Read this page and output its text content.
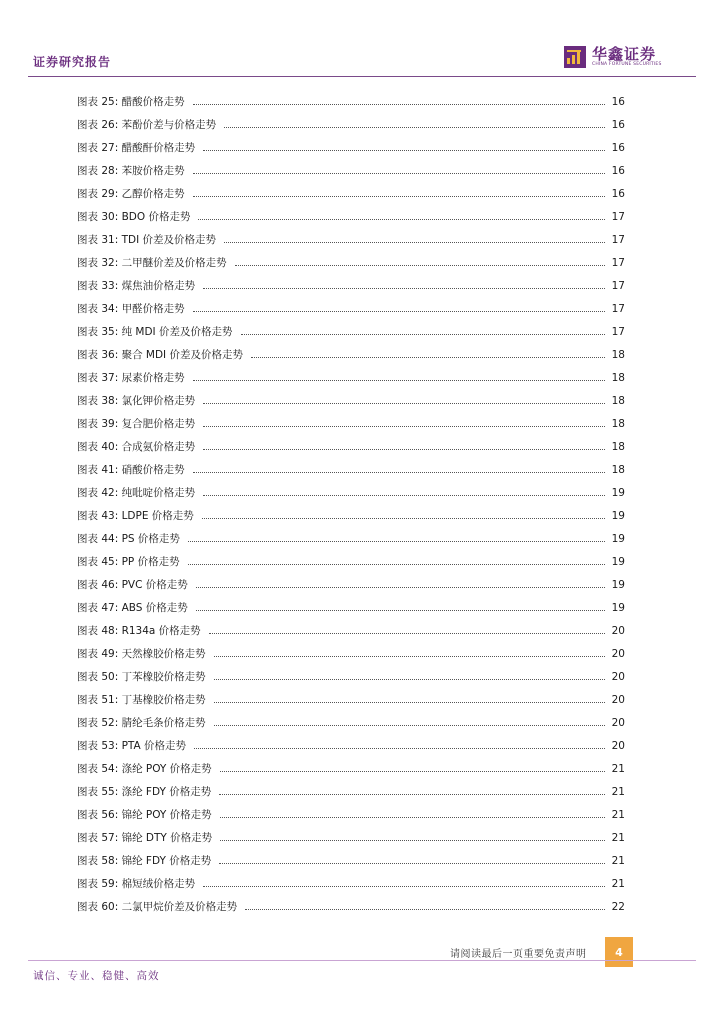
证券研究报告	华鑫证券
CHINA FORTUNE SECURITIES
图表 25: 醋酸价格走势	16
图表 26: 苯酚价差与价格走势	16
图表 27: 醋酸酐价格走势	16
图表 28: 苯胺价格走势	16
图表 29: 乙醇价格走势	16
图表 30: BDO 价格走势	17
图表 31: TDI 价差及价格走势	17
图表 32: 二甲醚价差及价格走势	17
图表 33: 煤焦油价格走势	17
图表 34: 甲醛价格走势	17
图表 35: 纯 MDI 价差及价格走势	17
图表 36: 聚合 MDI 价差及价格走势	18
图表 37: 尿素价格走势	18
图表 38: 氯化钾价格走势	18
图表 39: 复合肥价格走势	18
图表 40: 合成氨价格走势	18
图表 41: 硝酸价格走势	18
图表 42: 纯吡啶价格走势	19
图表 43: LDPE 价格走势	19
图表 44: PS 价格走势	19
图表 45: PP 价格走势	19
图表 46: PVC 价格走势	19
图表 47: ABS 价格走势	19
图表 48: R134a 价格走势	20
图表 49: 天然橡胶价格走势	20
图表 50: 丁苯橡胶价格走势	20
图表 51: 丁基橡胶价格走势	20
图表 52: 腈纶毛条价格走势	20
图表 53: PTA 价格走势	20
图表 54: 涤纶 POY 价格走势	21
图表 55: 涤纶 FDY 价格走势	21
图表 56: 锦纶 POY 价格走势	21
图表 57: 锦纶 DTY 价格走势	21
图表 58: 锦纶 FDY 价格走势	21
图表 59: 棉短绒价格走势	21
图表 60: 二氯甲烷价差及价格走势	22
请阅读最后一页重要免责声明	4
诚信、专业、稳健、高效
